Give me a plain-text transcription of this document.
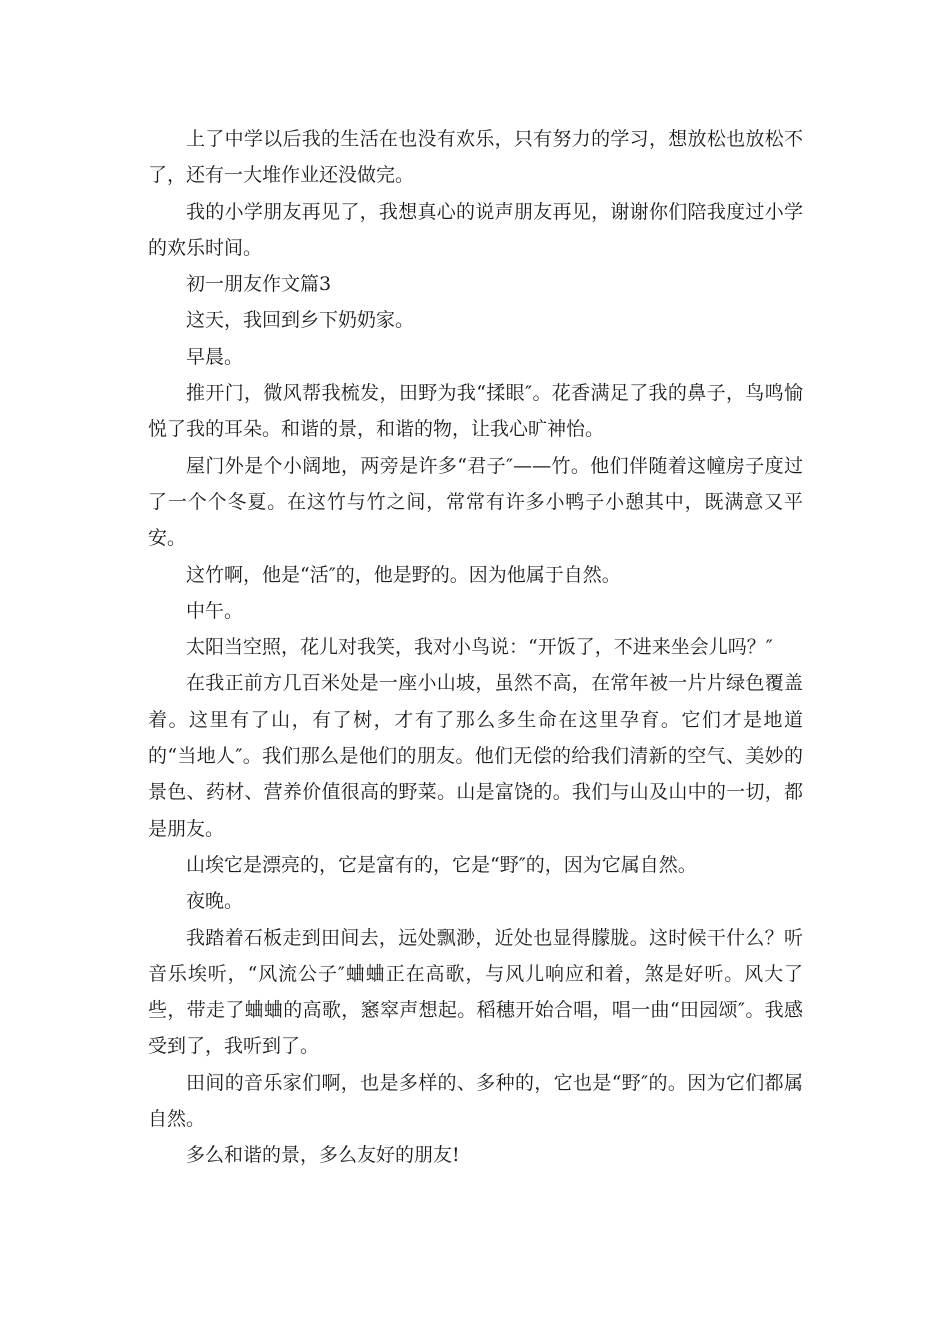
上了中学以后我的生活在也没有欢乐，只有努力的学习，想放松也放松不了，还有一大堆作业还没做完。

我的小学朋友再见了，我想真心的说声朋友再见，谢谢你们陪我度过小学的欢乐时间。

初一朋友作文篇3

这天，我回到乡下奶奶家。

早晨。

推开门，微风帮我梳发，田野为我“揉眼″。花香满足了我的鼻子，鸟鸣愉悦了我的耳朵。和谐的景，和谐的物，让我心旷神怡。

屋门外是个小阔地，两旁是许多“君子″——竹。他们伴随着这幢房子度过了一个个冬夏。在这竹与竹之间，常常有许多小鸭子小憩其中，既满意又平安。

这竹啊，他是“活″的，他是野的。因为他属于自然。

中午。

太阳当空照，花儿对我笑，我对小鸟说：“开饭了，不进来坐会儿吗？″

在我正前方几百米处是一座小山坡，虽然不高，在常年被一片片绿色覆盖着。这里有了山，有了树，才有了那么多生命在这里孕育。它们才是地道的“当地人″。我们那么是他们的朋友。他们无偿的给我们清新的空气、美妙的景色、药材、营养价值很高的野菜。山是富饶的。我们与山及山中的一切，都是朋友。

山埃它是漂亮的，它是富有的，它是“野″的，因为它属自然。

夜晚。

我踏着石板走到田间去，远处飘渺，近处也显得朦胧。这时候干什么？听音乐埃听，“风流公子″蛐蛐正在高歌，与风儿响应和着，煞是好听。风大了些，带走了蛐蛐的高歌，窸窣声想起。稻穗开始合唱，唱一曲“田园颂″。我感受到了，我听到了。

田间的音乐家们啊，也是多样的、多种的，它也是“野″的。因为它们都属自然。

多么和谐的景，多么友好的朋友!
